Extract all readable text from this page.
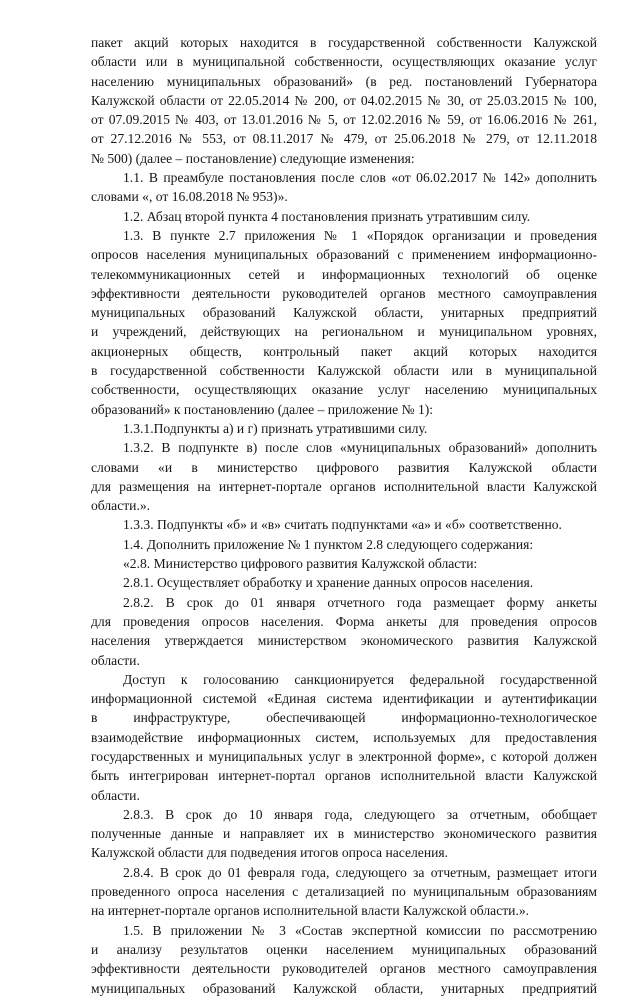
пакет акций которых находится в государственной собственности Калужской
области или в муниципальной собственности, осуществляющих оказание услуг
населению муниципальных образований» (в ред. постановлений Губернатора
Калужской области от 22.05.2014 № 200, от 04.02.2015 № 30, от 25.03.2015 № 100,
от 07.09.2015 № 403, от 13.01.2016 № 5, от 12.02.2016 № 59, от 16.06.2016 № 261,
от 27.12.2016 № 553, от 08.11.2017 № 479, от 25.06.2018 № 279, от 12.11.2018
№ 500) (далее – постановление) следующие изменения:
1.1. В преамбуле постановления после слов «от 06.02.2017 № 142» дополнить
словами «, от 16.08.2018 № 953)».
1.2. Абзац второй пункта 4 постановления признать утратившим силу.
1.3. В пункте 2.7 приложения № 1 «Порядок организации и проведения
опросов населения муниципальных образований с применением информационно-
телекоммуникационных сетей и информационных технологий об оценке
эффективности деятельности руководителей органов местного самоуправления
муниципальных образований Калужской области, унитарных предприятий
и учреждений, действующих на региональном и муниципальном уровнях,
акционерных обществ, контрольный пакет акций которых находится
в государственной собственности Калужской области или в муниципальной
собственности, осуществляющих оказание услуг населению муниципальных
образований» к постановлению (далее – приложение № 1):
1.3.1.Подпункты а) и г) признать утратившими силу.
1.3.2. В подпункте в) после слов «муниципальных образований» дополнить
словами «и в министерство цифрового развития Калужской области
для размещения на интернет-портале органов исполнительной власти Калужской
области.».
1.3.3. Подпункты «б» и «в» считать подпунктами «а» и «б» соответственно.
1.4. Дополнить приложение № 1 пунктом 2.8 следующего содержания:
«2.8. Министерство цифрового развития Калужской области:
2.8.1. Осуществляет обработку и хранение данных опросов населения.
2.8.2. В срок до 01 января отчетного года размещает форму анкеты
для проведения опросов населения. Форма анкеты для проведения опросов
населения утверждается министерством экономического развития Калужской
области.
Доступ к голосованию санкционируется федеральной государственной
информационной системой «Единая система идентификации и аутентификации
в инфраструктуре, обеспечивающей информационно-технологическое
взаимодействие информационных систем, используемых для предоставления
государственных и муниципальных услуг в электронной форме», с которой должен
быть интегрирован интернет-портал органов исполнительной власти Калужской
области.
2.8.3. В срок до 10 января года, следующего за отчетным, обобщает
полученные данные и направляет их в министерство экономического развития
Калужской области для подведения итогов опроса населения.
2.8.4. В срок до 01 февраля года, следующего за отчетным, размещает итоги
проведенного опроса населения с детализацией по муниципальным образованиям
на интернет-портале органов исполнительной власти Калужской области.».
1.5. В приложении № 3 «Состав экспертной комиссии по рассмотрению
и анализу результатов оценки населением муниципальных образований
эффективности деятельности руководителей органов местного самоуправления
муниципальных образований Калужской области, унитарных предприятий
